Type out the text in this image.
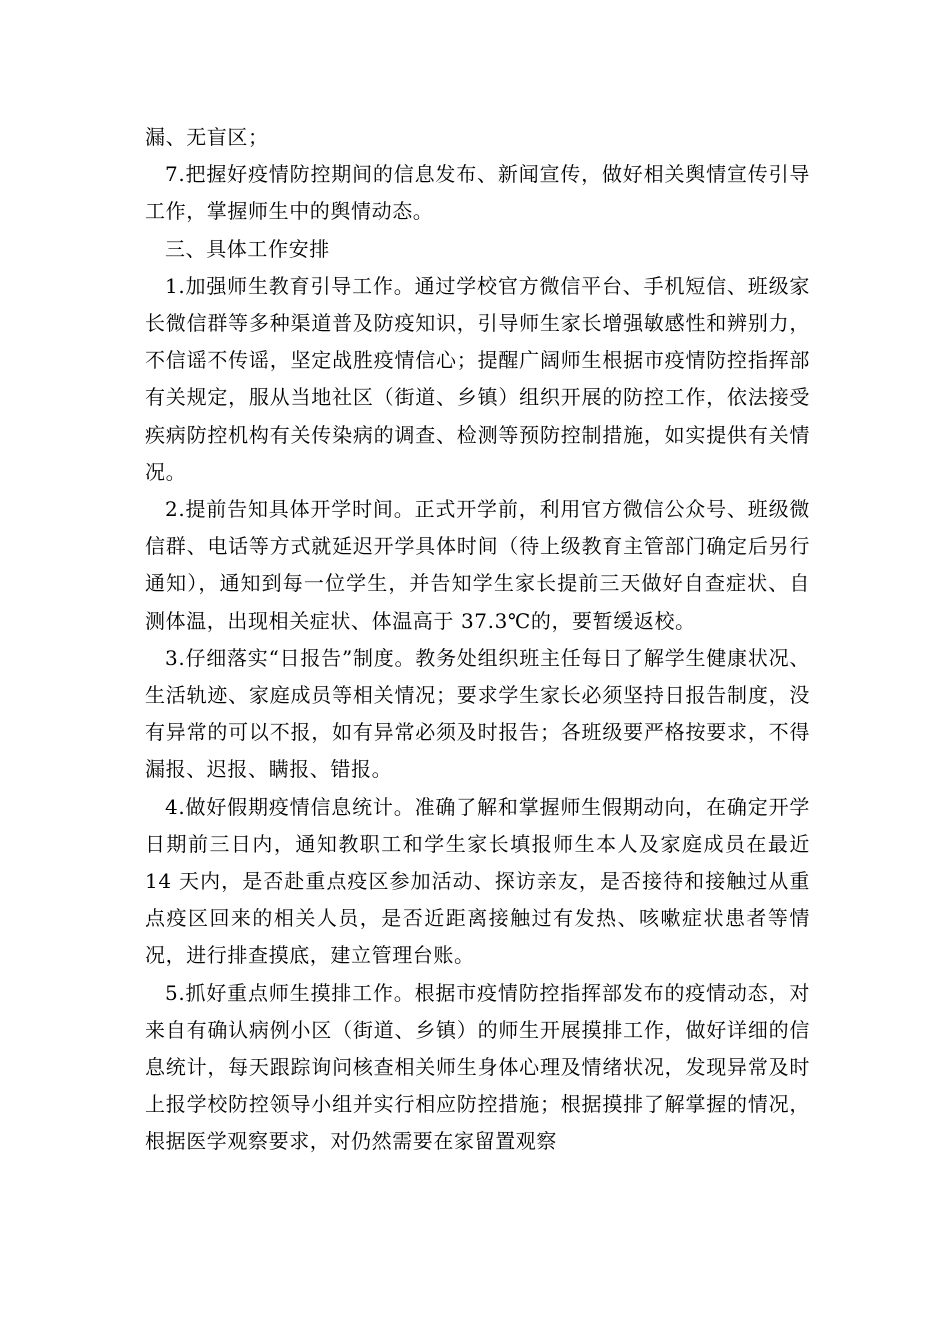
漏、无盲区；

7.把握好疫情防控期间的信息发布、新闻宣传，做好相关舆情宣传引导工作，掌握师生中的舆情动态。

三、具体工作安排

1.加强师生教育引导工作。通过学校官方微信平台、手机短信、班级家长微信群等多种渠道普及防疫知识，引导师生家长增强敏感性和辨别力，不信谣不传谣，坚定战胜疫情信心；提醒广阔师生根据市疫情防控指挥部有关规定，服从当地社区（街道、乡镇）组织开展的防控工作，依法接受疾病防控机构有关传染病的调查、检测等预防控制措施，如实提供有关情况。

2.提前告知具体开学时间。正式开学前，利用官方微信公众号、班级微信群、电话等方式就延迟开学具体时间（待上级教育主管部门确定后另行通知），通知到每一位学生，并告知学生家长提前三天做好自查症状、自测体温，出现相关症状、体温高于 37.3℃的，要暂缓返校。

3.仔细落实“日报告”制度。教务处组织班主任每日了解学生健康状况、生活轨迹、家庭成员等相关情况；要求学生家长必须坚持日报告制度，没有异常的可以不报，如有异常必须及时报告；各班级要严格按要求，不得漏报、迟报、瞒报、错报。

4.做好假期疫情信息统计。准确了解和掌握师生假期动向，在确定开学日期前三日内，通知教职工和学生家长填报师生本人及家庭成员在最近 14 天内，是否赴重点疫区参加活动、探访亲友，是否接待和接触过从重点疫区回来的相关人员，是否近距离接触过有发热、咳嗽症状患者等情况，进行排查摸底，建立管理台账。

5.抓好重点师生摸排工作。根据市疫情防控指挥部发布的疫情动态，对来自有确认病例小区（街道、乡镇）的师生开展摸排工作，做好详细的信息统计，每天跟踪询问核查相关师生身体心理及情绪状况，发现异常及时上报学校防控领导小组并实行相应防控措施；根据摸排了解掌握的情况，根据医学观察要求，对仍然需要在家留置观察
